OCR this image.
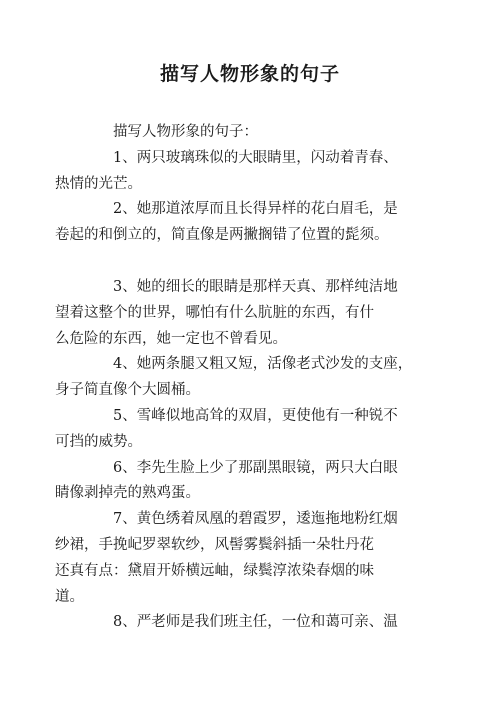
描写人物形象的句子

描写人物形象的句子：

1、两只玻璃珠似的大眼睛里，闪动着青春、
热情的光芒。

2、她那道浓厚而且长得异样的花白眉毛，是
卷起的和倒立的，简直像是两撇搁错了位置的髭须。

3、她的细长的眼睛是那样天真、那样纯洁地
望着这整个的世界，哪怕有什么肮脏的东西，有什
么危险的东西，她一定也不曾看见。

4、她两条腿又粗又短，活像老式沙发的支座，
身子简直像个大圆桶。

5、雪峰似地高耸的双眉，更使他有一种锐不
可挡的威势。

6、李先生脸上少了那副黑眼镜，两只大白眼
睛像剥掉壳的熟鸡蛋。

7、黄色绣着凤凰的碧霞罗，逶迤拖地粉红烟
纱裙，手挽屺罗翠软纱，风髻雾鬓斜插一朵牡丹花
还真有点：黛眉开娇横远岫，绿鬓淳浓染春烟的味
道。

8、严老师是我们班主任，一位和蔼可亲、温
